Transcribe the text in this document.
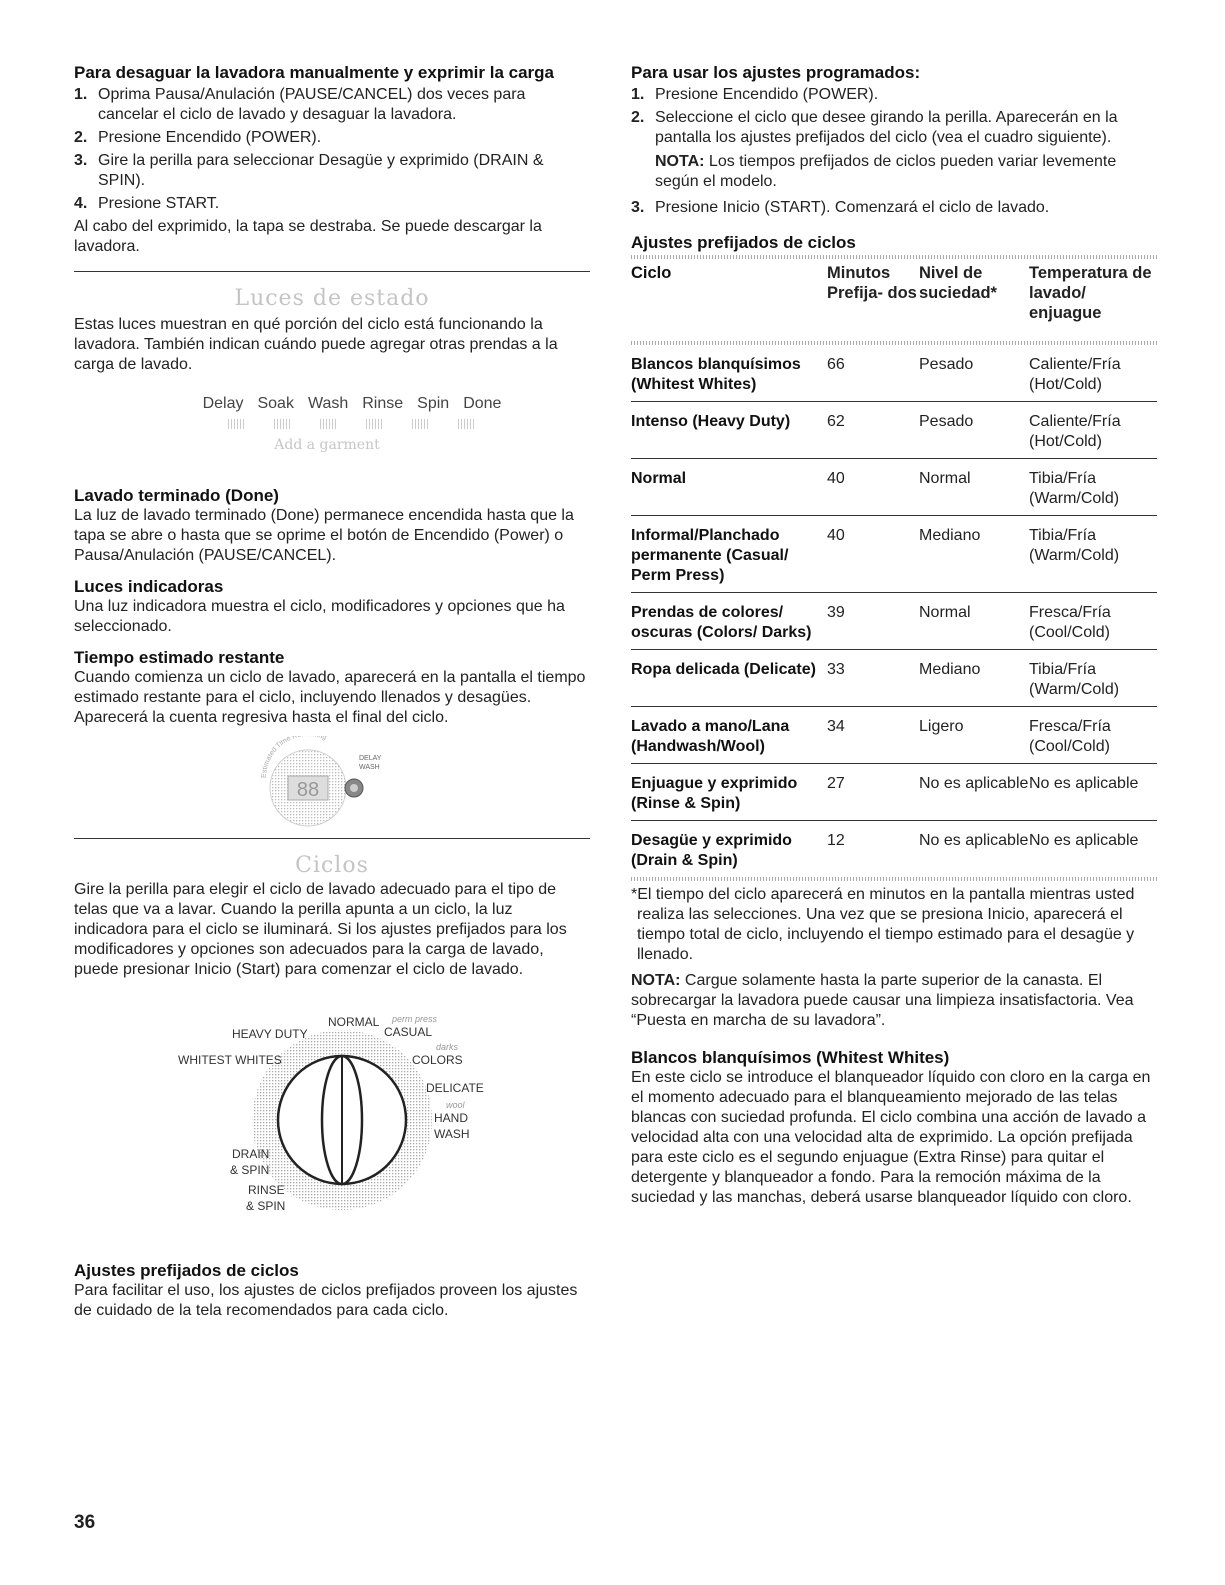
Para desaguar la lavadora manualmente y exprimir la carga
1. Oprima Pausa/Anulación (PAUSE/CANCEL) dos veces para cancelar el ciclo de lavado y desaguar la lavadora.
2. Presione Encendido (POWER).
3. Gire la perilla para seleccionar Desagüe y exprimido (DRAIN & SPIN).
4. Presione START.

Al cabo del exprimido, la tapa se destraba. Se puede descargar la lavadora.

Luces de estado

Estas luces muestran en qué porción del ciclo está funcionando la lavadora. También indican cuándo puede agregar otras prendas a la carga de lavado.

Delay Soak Wash Rinse Spin Done
Add a garment
Lavado terminado (Done)

La luz de lavado terminado (Done) permanece encendida hasta que la tapa se abre o hasta que se oprime el botón de Encendido (Power) o Pausa/Anulación (PAUSE/CANCEL).

Luces indicadoras

Una luz indicadora muestra el ciclo, modificadores y opciones que ha seleccionado.

Tiempo estimado restante

Cuando comienza un ciclo de lavado, aparecerá en la pantalla el tiempo estimado restante para el ciclo, incluyendo llenados y desagües. Aparecerá la cuenta regresiva hasta el final del ciclo.

88
Estimated Time R ng
DELAY
WASH
Ciclos

Gire la perilla para elegir el ciclo de lavado adecuado para el tipo de telas que va a lavar. Cuando la perilla apunta a un ciclo, la luz indicadora para el ciclo se iluminará. Si los ajustes prefijados para los modificadores y opciones son adecuados para la carga de lavado, puede presionar Inicio (Start) para comenzar el ciclo de lavado.

HEAVY DUTY
NORMAL perm press
CASUAL
WHITEST WHITES
darks
COLORS
DELICATE
wool
HAND
WASH
DRAIN
& SPIN
RINSE
& SPIN
Ajustes prefijados de ciclos

Para facilitar el uso, los ajustes de ciclos prefijados proveen los ajustes de cuidado de la tela recomendados para cada ciclo.

Para usar los ajustes programados:
1. Presione Encendido (POWER).
2. Seleccione el ciclo que desee girando la perilla. Aparecerán en la pantalla los ajustes prefijados del ciclo (vea el cuadro siguiente).
NOTA: Los tiempos prefijados de ciclos pueden variar levemente según el modelo.
3. Presione Inicio (START). Comenzará el ciclo de lavado.
Ajustes prefijados de ciclos
Ciclo	Minutos Prefija- dos	Nivel de suciedad*	Temperatura de lavado/ enjuague

Blancos blanquísimos (Whitest Whites)	66	Pesado	Caliente/Fría (Hot/Cold)
Intenso (Heavy Duty)	62	Pesado	Caliente/Fría (Hot/Cold)
Normal	40	Normal	Tibia/Fría (Warm/Cold)
Informal/Planchado permanente (Casual/ Perm Press)	40	Mediano	Tibia/Fría (Warm/Cold)
Prendas de colores/ oscuras (Colors/ Darks)	39	Normal	Fresca/Fría (Cool/Cold)
Ropa delicada (Delicate)	33	Mediano	Tibia/Fría (Warm/Cold)
Lavado a mano/Lana (Handwash/Wool)	34	Ligero	Fresca/Fría (Cool/Cold)
Enjuague y exprimido (Rinse & Spin)	27	No es aplicable	No es aplicable
Desagüe y exprimido (Drain & Spin)	12	No es aplicable	No es aplicable

*El tiempo del ciclo aparecerá en minutos en la pantalla mientras usted realiza las selecciones. Una vez que se presiona Inicio, aparecerá el tiempo total de ciclo, incluyendo el tiempo estimado para el desagüe y llenado.

NOTA: Cargue solamente hasta la parte superior de la canasta. El sobrecargar la lavadora puede causar una limpieza insatisfactoria. Vea “Puesta en marcha de su lavadora”.

Blancos blanquísimos (Whitest Whites)

En este ciclo se introduce el blanqueador líquido con cloro en la carga en el momento adecuado para el blanqueamiento mejorado de las telas blancas con suciedad profunda. El ciclo combina una acción de lavado a velocidad alta con una velocidad alta de exprimido. La opción prefijada para este ciclo es el segundo enjuague (Extra Rinse) para quitar el detergente y blanqueador a fondo. Para la remoción máxima de la suciedad y las manchas, deberá usarse blanqueador líquido con cloro.

36
